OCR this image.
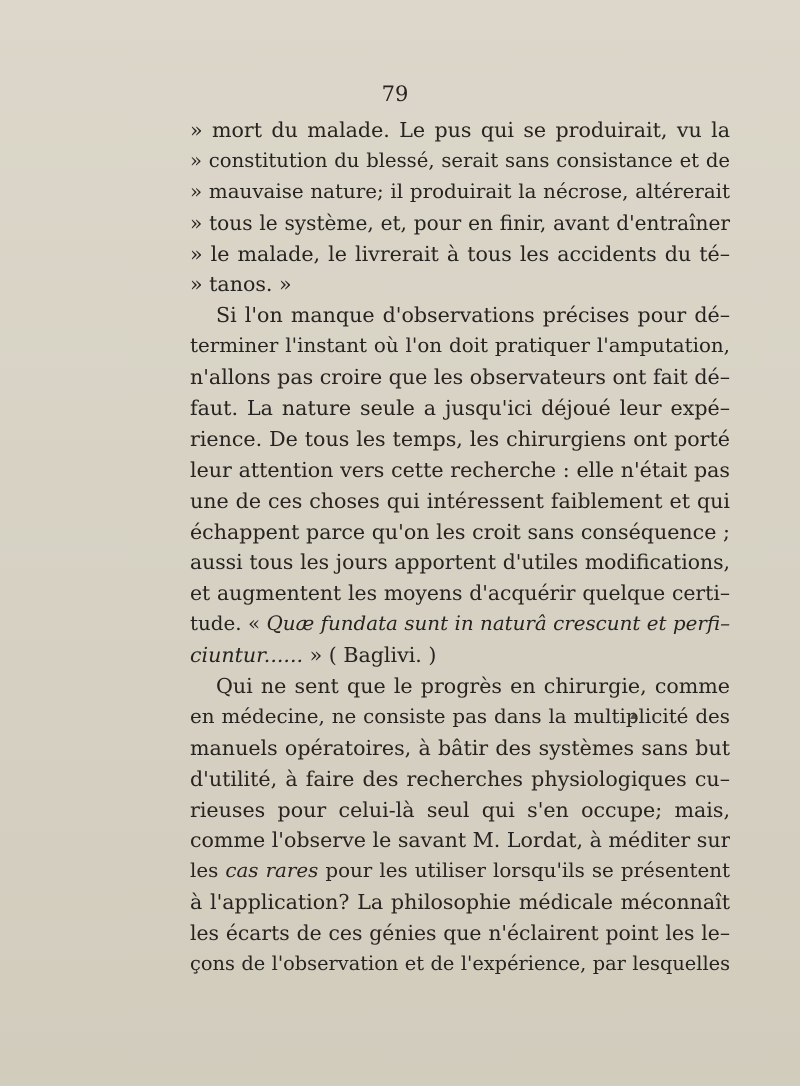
79
» mort du malade. Le pus qui se produirait, vu la
» constitution du blessé, serait sans consistance et de
» mauvaise nature; il produirait la nécrose, altérerait
» tous le système, et, pour en finir, avant d'entraîner
» le malade, le livrerait à tous les accidents du té–
» tanos. »
Si l'on manque d'observations précises pour dé–
terminer l'instant où l'on doit pratiquer l'amputation,
n'allons pas croire que les observateurs ont fait dé–
faut. La nature seule a jusqu'ici déjoué leur expé–
rience. De tous les temps, les chirurgiens ont porté
leur attention vers cette recherche : elle n'était pas
une de ces choses qui intéressent faiblement et qui
échappent parce qu'on les croit sans conséquence ;
aussi tous les jours apportent d'utiles modifications,
et augmentent les moyens d'acquérir quelque certi–
tude. « Quæ fundata sunt in naturâ crescunt et perfi–
ciuntur...... » ( Baglivi. )
Qui ne sent que le progrès en chirurgie, comme
en médecine, ne consiste pas dans la multiplicité des
manuels opératoires, à bâtir des systèmes sans but
d'utilité, à faire des recherches physiologiques cu–
rieuses pour celui-là seul qui s'en occupe; mais,
comme l'observe le savant M. Lordat, à méditer sur
les cas rares pour les utiliser lorsqu'ils se présentent
à l'application? La philosophie médicale méconnaît
les écarts de ces génies que n'éclairent point les le–
çons de l'observation et de l'expérience, par lesquelles
